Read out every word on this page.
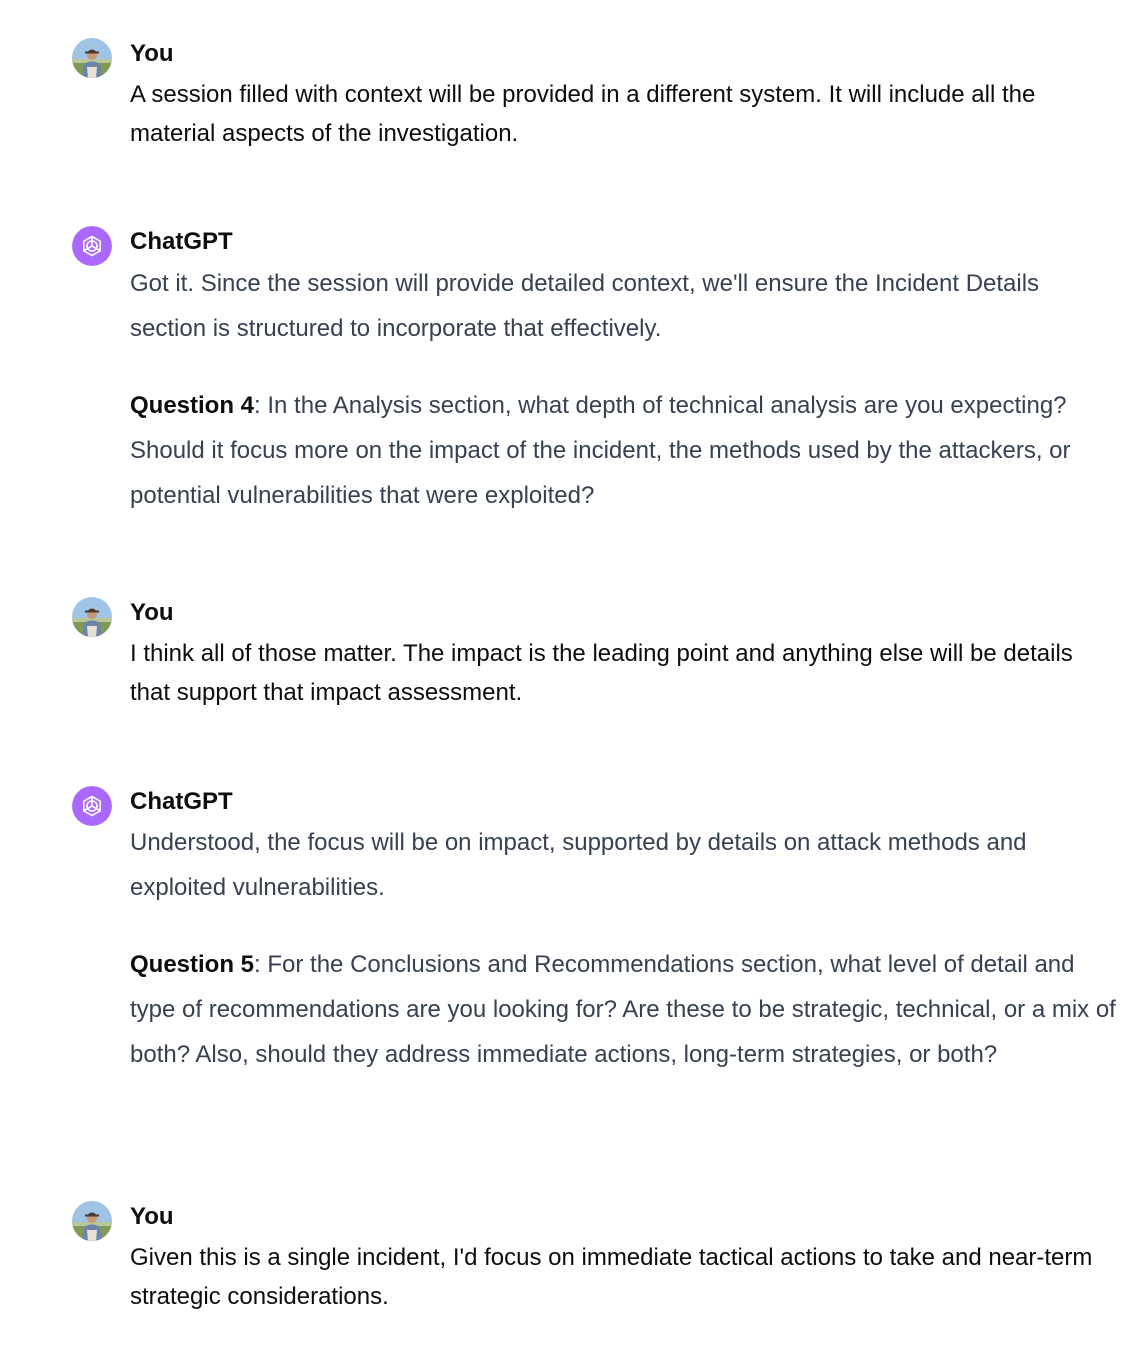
You

A session filled with context will be provided in a different system. It will include all the material aspects of the investigation.

ChatGPT

Got it. Since the session will provide detailed context, we'll ensure the Incident Details section is structured to incorporate that effectively.

Question 4: In the Analysis section, what depth of technical analysis are you expecting? Should it focus more on the impact of the incident, the methods used by the attackers, or potential vulnerabilities that were exploited?

You

I think all of those matter. The impact is the leading point and anything else will be details that support that impact assessment.

ChatGPT

Understood, the focus will be on impact, supported by details on attack methods and exploited vulnerabilities.

Question 5: For the Conclusions and Recommendations section, what level of detail and type of recommendations are you looking for? Are these to be strategic, technical, or a mix of both? Also, should they address immediate actions, long-term strategies, or both?

You

Given this is a single incident, I'd focus on immediate tactical actions to take and near-term strategic considerations.
